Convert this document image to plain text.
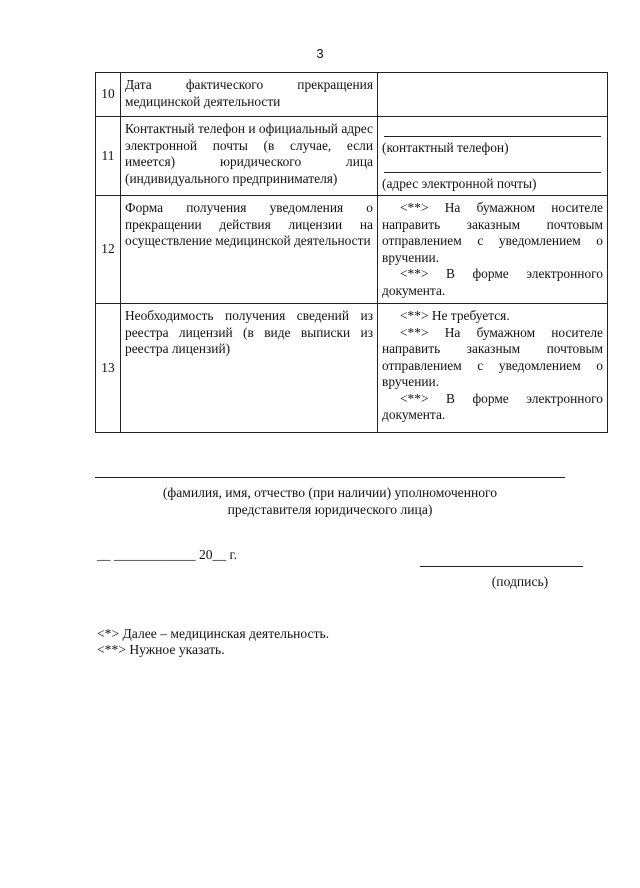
3
10	Дата фактического прекращения медицинской деятельности	
11	Контактный телефон и официальный адрес электронной почты (в случае, если имеется) юридического лица (индивидуального предпринимателя)	(контактный телефон)
(адрес электронной почты)

12	Форма получения уведомления о прекращении действия лицензии на осуществление медицинской деятельности	<**> На бумажном носителе направить заказным почтовым отправлением с уведомлением о вручении.
<**> В форме электронного документа.

13	Необходимость получения сведений из реестра лицензий (в виде выписки из реестра лицензий)	<**> Не требуется.
<**> На бумажном носителе направить заказным почтовым отправлением с уведомлением о вручении.
<**> В форме электронного документа.
(фамилия, имя, отчество (при наличии) уполномоченного
представителя юридического лица)
__ ____________ 20__ г.
(подпись)
<*> Далее – медицинская деятельность.
<**> Нужное указать.
